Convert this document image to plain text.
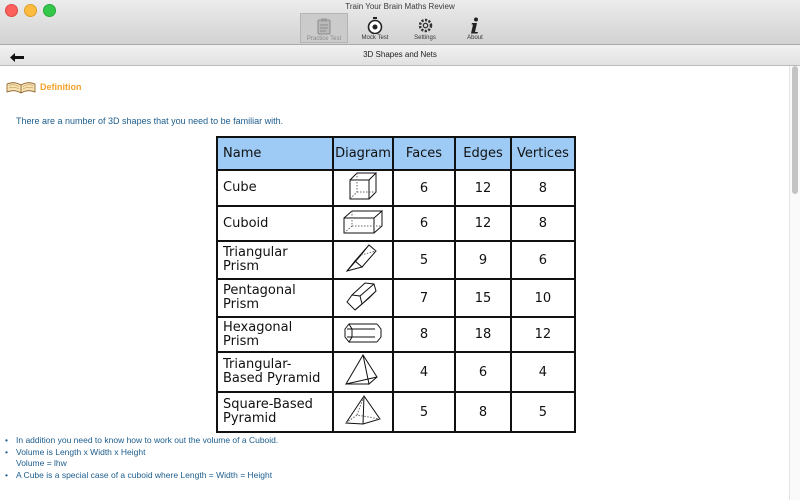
Train Your Brain Maths Review
Practice Test	Mock Test	Settings	About
3D Shapes and Nets
Definition
There are a number of 3D shapes that you need to be familiar with.
Name	Diagram	Faces	Edges	Vertices
Cube		6	12	8
Cuboid		6	12	8
Triangular Prism		5	9	6
Pentagonal Prism		7	15	10
Hexagonal Prism		8	18	12
Triangular-Based Pyramid		4	6	4
Square-Based Pyramid		5	8	5
• In addition you need to know how to work out the volume of a Cuboid.
• Volume is Length x Width x Height
Volume = lhw
• A Cube is a special case of a cuboid where Length = Width = Height
